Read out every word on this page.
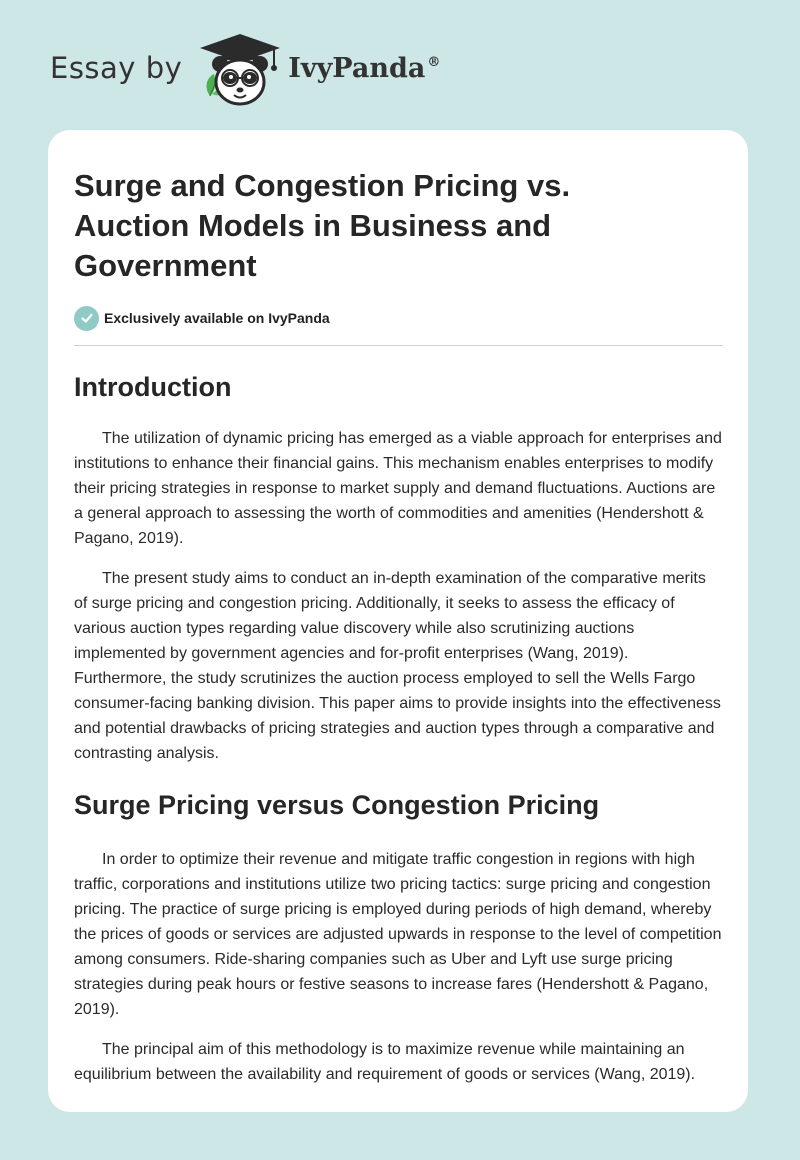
Essay by	IvyPanda ®
Surge and Congestion Pricing vs. Auction Models in Business and Government
Exclusively available on IvyPanda
Introduction

The utilization of dynamic pricing has emerged as a viable approach for enterprises and institutions to enhance their financial gains. This mechanism enables enterprises to modify their pricing strategies in response to market supply and demand fluctuations. Auctions are a general approach to assessing the worth of commodities and amenities (Hendershott & Pagano, 2019).

The present study aims to conduct an in-depth examination of the comparative merits of surge pricing and congestion pricing. Additionally, it seeks to assess the efficacy of various auction types regarding value discovery while also scrutinizing auctions implemented by government agencies and for-profit enterprises (Wang, 2019). Furthermore, the study scrutinizes the auction process employed to sell the Wells Fargo consumer-facing banking division. This paper aims to provide insights into the effectiveness and potential drawbacks of pricing strategies and auction types through a comparative and contrasting analysis.

Surge Pricing versus Congestion Pricing

In order to optimize their revenue and mitigate traffic congestion in regions with high traffic, corporations and institutions utilize two pricing tactics: surge pricing and congestion pricing. The practice of surge pricing is employed during periods of high demand, whereby the prices of goods or services are adjusted upwards in response to the level of competition among consumers. Ride-sharing companies such as Uber and Lyft use surge pricing strategies during peak hours or festive seasons to increase fares (Hendershott & Pagano, 2019).

The principal aim of this methodology is to maximize revenue while maintaining an equilibrium between the availability and requirement of goods or services (Wang, 2019).
